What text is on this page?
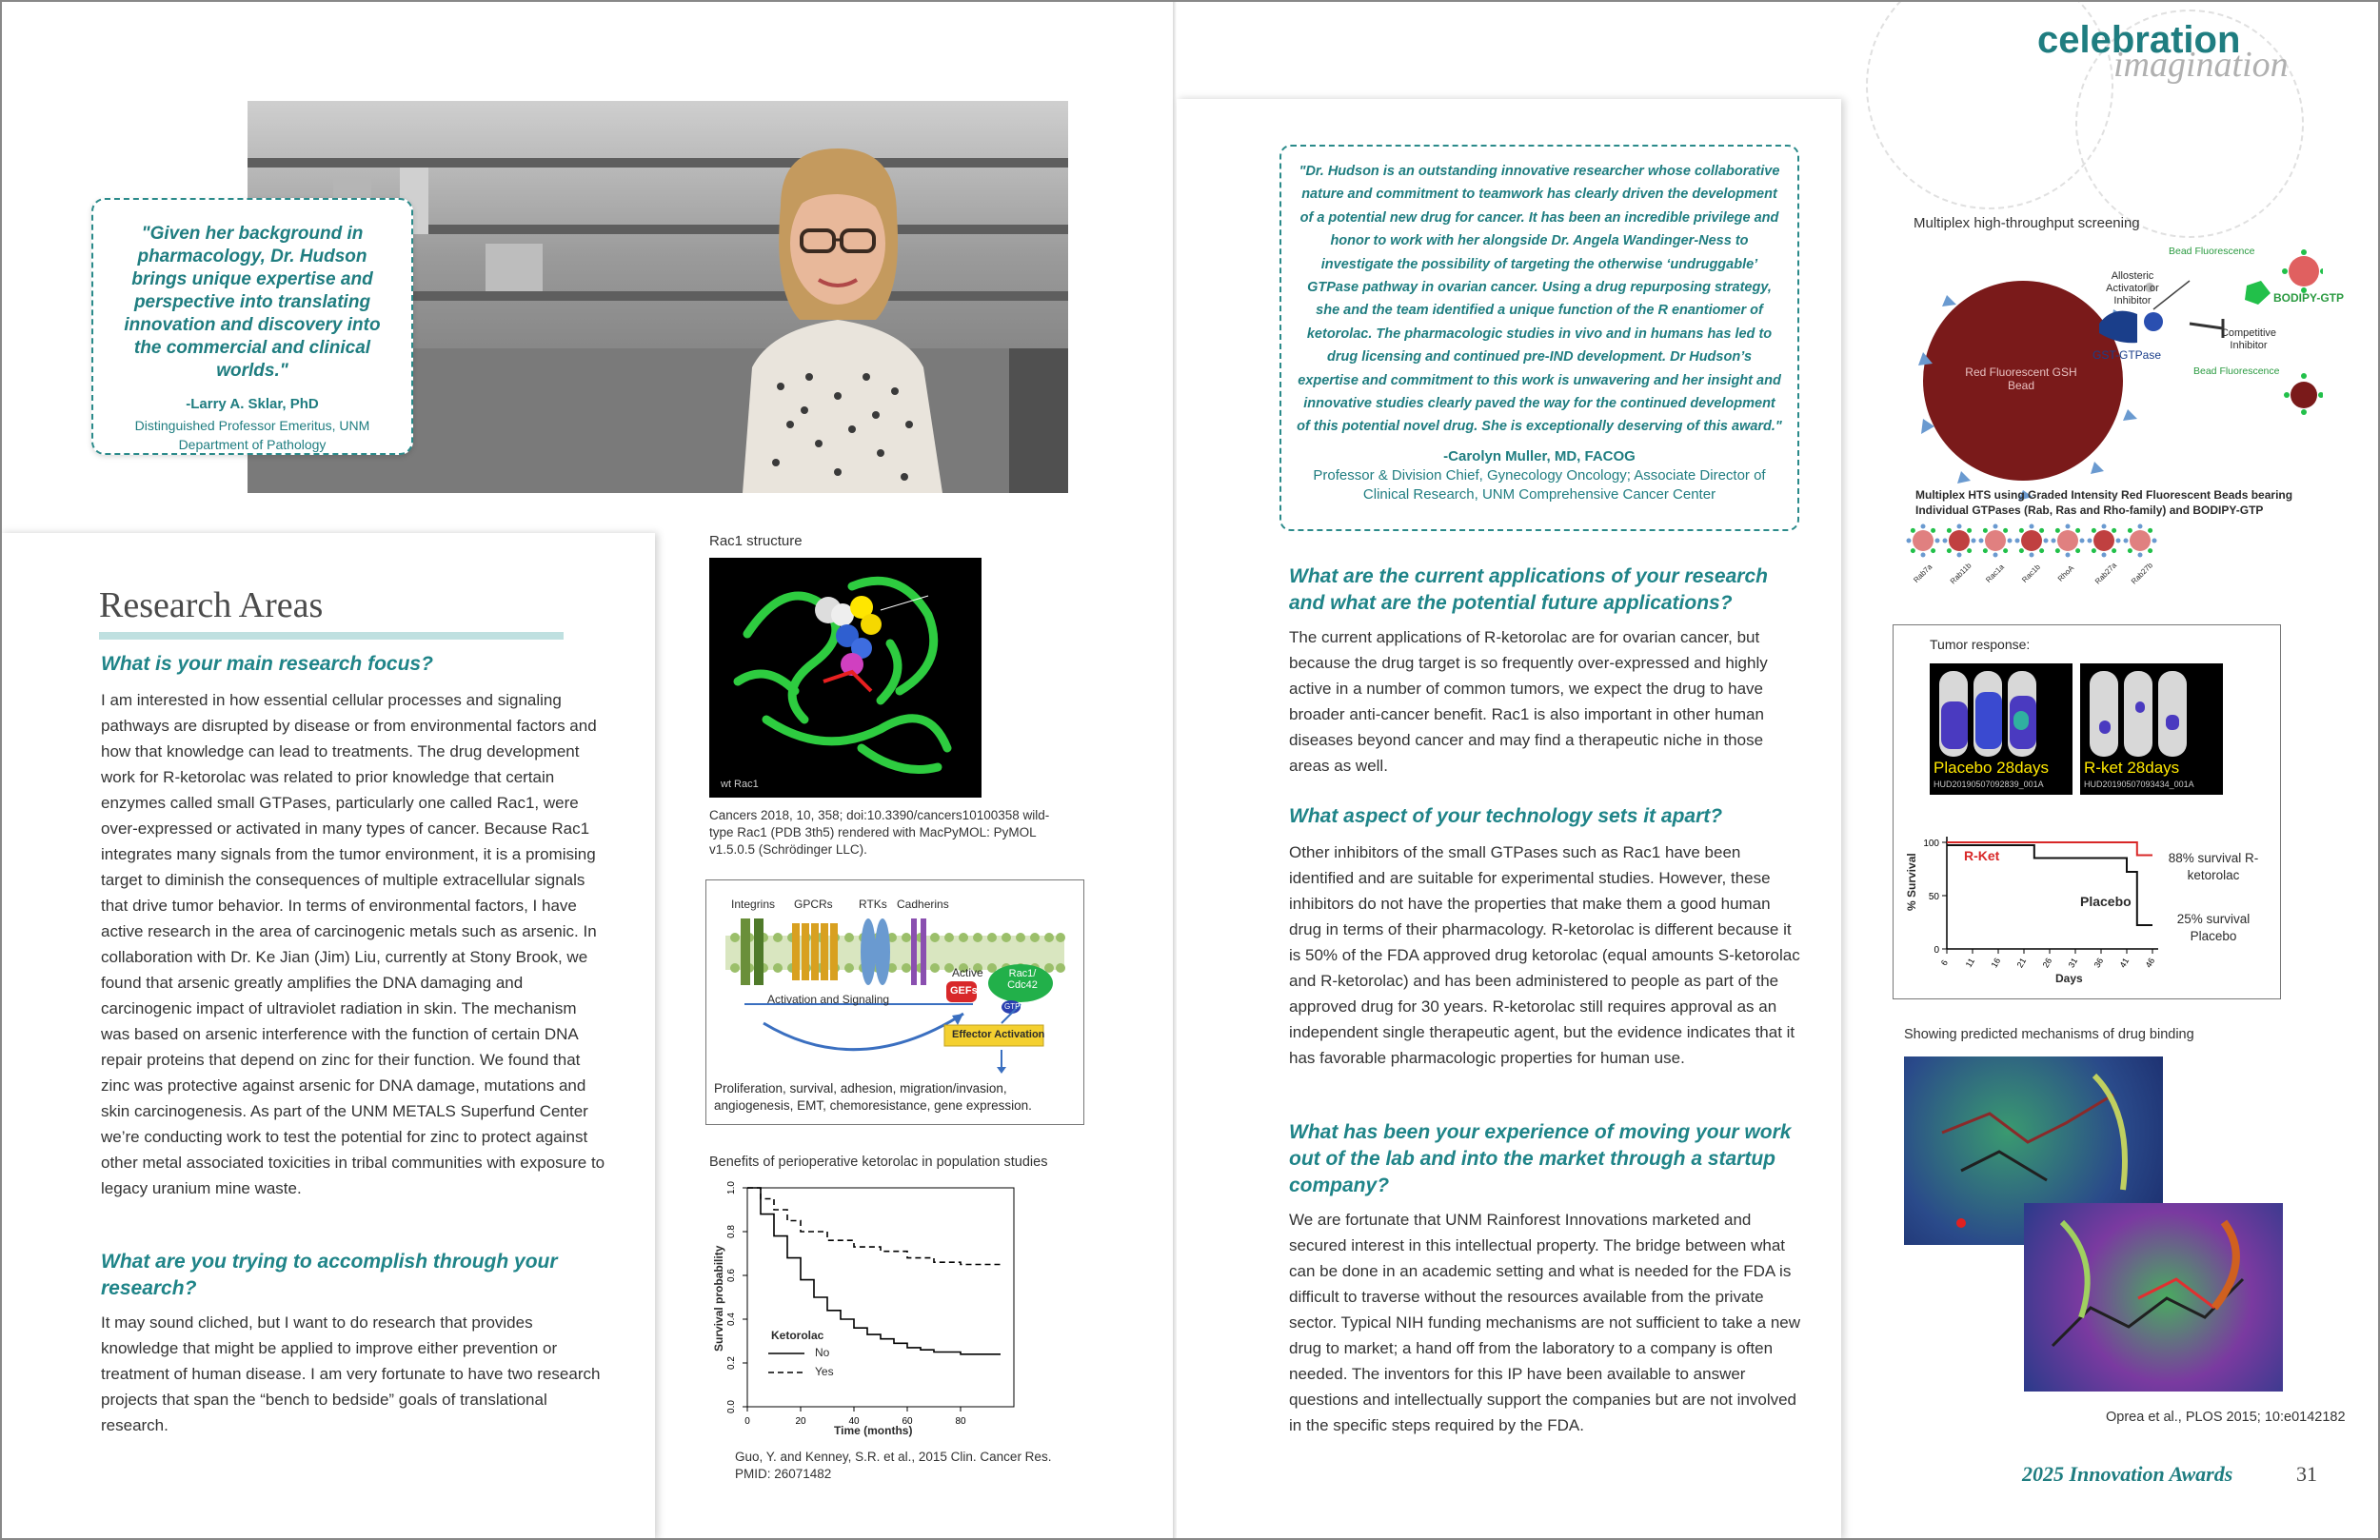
"Given her background in pharmacology, Dr. Hudson brings unique expertise and perspective into translating innovation and discovery into the commercial and clinical worlds."
-Larry A. Sklar, PhD
Distinguished Professor Emeritus, UNM Department of Pathology
Research Areas
What is your main research focus?
I am interested in how essential cellular processes and signaling pathways are disrupted by disease or from environmental factors and how that knowledge can lead to treatments. The drug development work for R-ketorolac was related to prior knowledge that certain enzymes called small GTPases, particularly one called Rac1, were over-expressed or activated in many types of cancer. Because Rac1 integrates many signals from the tumor environment, it is a promising target to diminish the consequences of multiple extracellular signals that drive tumor behavior. In terms of environmental factors, I have active research in the area of carcinogenic metals such as arsenic. In collaboration with Dr. Ke Jian (Jim) Liu, currently at Stony Brook, we found that arsenic greatly amplifies the DNA damaging and carcinogenic impact of ultraviolet radiation in skin. The mechanism was based on arsenic interference with the function of certain DNA repair proteins that depend on zinc for their function. We found that zinc was protective against arsenic for DNA damage, mutations and skin carcinogenesis. As part of the UNM METALS Superfund Center we’re conducting work to test the potential for zinc to protect against other metal associated toxicities in tribal communities with exposure to legacy uranium mine waste.
What are you trying to accomplish through your research?
It may sound cliched, but I want to do research that provides knowledge that might be applied to improve either prevention or treatment of human disease. I am very fortunate to have two research projects that span the “bench to bedside” goals of translational research.
Rac1 structure
wt Rac1
Cancers 2018, 10, 358; doi:10.3390/cancers10100358 wild-type Rac1 (PDB 3th5) rendered with MacPyMOL: PyMOL v1.5.0.5 (Schrödinger LLC).
Integrins GPCRs RTKs Cadherins
Activation and Signaling
Active	Rac1/ Cdc42
GEFs
GTP
Effector Activation
Proliferation, survival, adhesion, migration/invasion, angiogenesis, EMT, chemoresistance, gene expression.
Benefits of perioperative ketorolac in population studies
0.0
0.2
0.4
0.6
0.8
1.0
0	20	40	60	80
Survival probability
Time (months)
Ketorolac
No
Yes
Guo, Y. and Kenney, S.R. et al., 2015 Clin. Cancer Res. PMID: 26071482
celebration
imagination
"Dr. Hudson is an outstanding innovative researcher whose collaborative nature and commitment to teamwork has clearly driven the development of a potential new drug for cancer. It has been an incredible privilege and honor to work with her alongside Dr. Angela Wandinger-Ness to investigate the possibility of targeting the otherwise ‘undruggable’ GTPase pathway in ovarian cancer. Using a drug repurposing strategy, she and the team identified a unique function of the R enantiomer of ketorolac. The pharmacologic studies in vivo and in humans has led to drug licensing and continued pre-IND development. Dr Hudson’s expertise and commitment to this work is unwavering and her insight and innovative studies clearly paved the way for the continued development of this potential novel drug. She is exceptionally deserving of this award."
-Carolyn Muller, MD, FACOG
Professor & Division Chief, Gynecology Oncology; Associate Director of Clinical Research, UNM Comprehensive Cancer Center
What are the current applications of your research and what are the potential future applications?
The current applications of R-ketorolac are for ovarian cancer, but because the drug target is so frequently over-expressed and highly active in a number of common tumors, we expect the drug to have broader anti-cancer benefit. Rac1 is also important in other human diseases beyond cancer and may find a therapeutic niche in those areas as well.
What aspect of your technology sets it apart?
Other inhibitors of the small GTPases such as Rac1 have been identified and are suitable for experimental studies. However, these inhibitors do not have the properties that make them a good human drug in terms of their pharmacology. R-ketorolac is different because it is 50% of the FDA approved drug ketorolac (equal amounts S-ketorolac and R-ketorolac) and has been administered to people as part of the approved drug for 30 years. R-ketorolac still requires approval as an independent single therapeutic agent, but the evidence indicates that it has favorable pharmacologic properties for human use.
What has been your experience of moving your work out of the lab and into the market through a startup company?
We are fortunate that UNM Rainforest Innovations marketed and secured interest in this intellectual property. The bridge between what can be done in an academic setting and what is needed for the FDA is difficult to traverse without the resources available from the private sector. Typical NIH funding mechanisms are not sufficient to take a new drug to market; a hand off from the laboratory to a company is often needed. The inventors for this IP have been available to answer questions and intellectually support the companies but are not involved in the specific steps required by the FDA.
Multiplex high-throughput screening
Bead Fluorescence
Allosteric Activator or Inhibitor	BODIPY-GTP
Competitive Inhibitor
Red Fluorescent GSH Bead
GST-GTPase
Bead Fluorescence
Multiplex HTS using Graded Intensity Red Fluorescent Beads bearing Individual GTPases (Rab, Ras and Rho-family) and BODIPY-GTP
Rab7a Rab11b Rac1a Rac1b RhoA Rab27a Rab27b
Tumor response:
Placebo 28days
HUD20190507092839_001A
R-ket 28days
HUD20190507093434_001A
0
50
100
6 11 16 21 26 31 36 41 46
% Survival
Days
R-Ket
Placebo
88% survival R-ketorolac
25% survival Placebo
Showing predicted mechanisms of drug binding
Oprea et al., PLOS 2015; 10:e0142182
2025 Innovation Awards	31
